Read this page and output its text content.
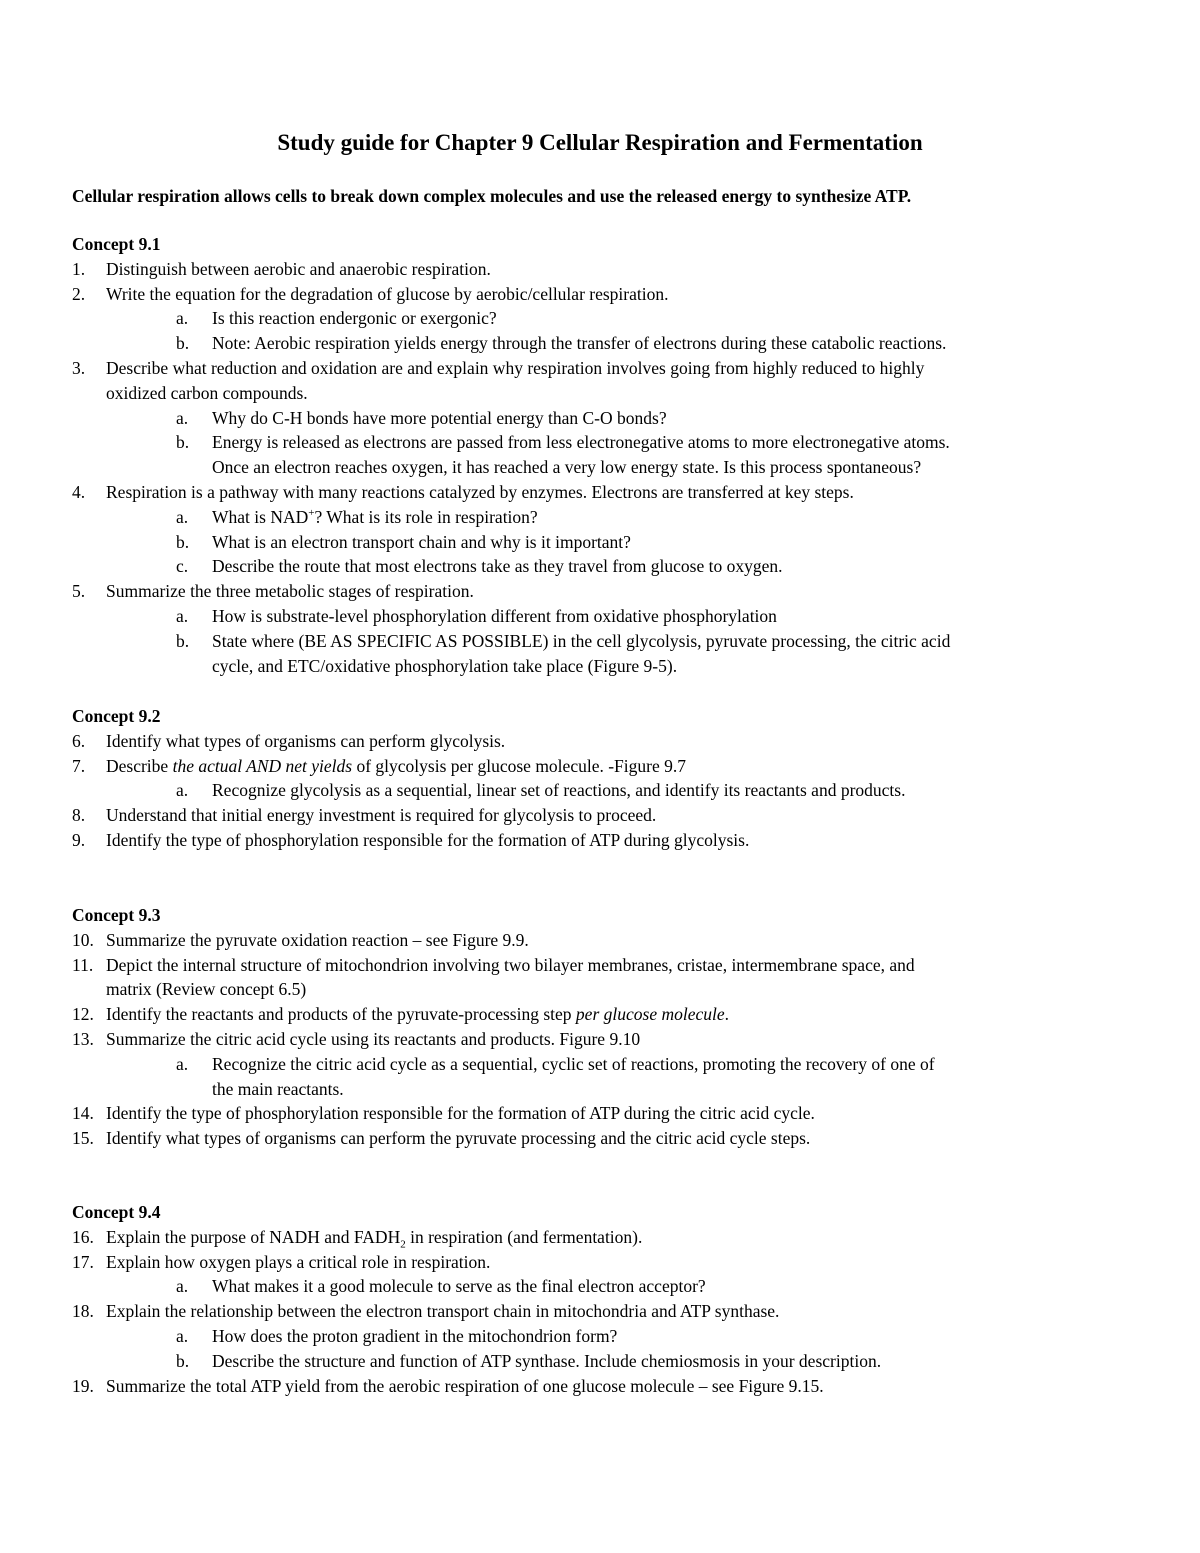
Study guide for Chapter 9 Cellular Respiration and Fermentation
Cellular respiration allows cells to break down complex molecules and use the released energy to synthesize ATP.
Concept 9.1
1.	Distinguish between aerobic and anaerobic respiration.
2.	Write the equation for the degradation of glucose by aerobic/cellular respiration.
a. Is this reaction endergonic or exergonic?
b. Note: Aerobic respiration yields energy through the transfer of electrons during these catabolic reactions.
3.	Describe what reduction and oxidation are and explain why respiration involves going from highly reduced to highly
oxidized carbon compounds.
a. Why do C-H bonds have more potential energy than C-O bonds?
b. Energy is released as electrons are passed from less electronegative atoms to more electronegative atoms.
Once an electron reaches oxygen, it has reached a very low energy state. Is this process spontaneous?
4.	Respiration is a pathway with many reactions catalyzed by enzymes. Electrons are transferred at key steps.
a. What is NAD+? What is its role in respiration?
b. What is an electron transport chain and why is it important?
c. Describe the route that most electrons take as they travel from glucose to oxygen.
5.	Summarize the three metabolic stages of respiration.
a. How is substrate-level phosphorylation different from oxidative phosphorylation
b. State where (BE AS SPECIFIC AS POSSIBLE) in the cell glycolysis, pyruvate processing, the citric acid
cycle, and ETC/oxidative phosphorylation take place (Figure 9-5).
Concept 9.2
6.	Identify what types of organisms can perform glycolysis.
7.	Describe the actual AND net yields of glycolysis per glucose molecule. -Figure 9.7
a. Recognize glycolysis as a sequential, linear set of reactions, and identify its reactants and products.
8.	Understand that initial energy investment is required for glycolysis to proceed.
9.	Identify the type of phosphorylation responsible for the formation of ATP during glycolysis.
Concept 9.3
10. Summarize the pyruvate oxidation reaction – see Figure 9.9.
11. Depict the internal structure of mitochondrion involving two bilayer membranes, cristae, intermembrane space, and
matrix (Review concept 6.5)
12. Identify the reactants and products of the pyruvate-processing step per glucose molecule.
13. Summarize the citric acid cycle using its reactants and products. Figure 9.10
a. Recognize the citric acid cycle as a sequential, cyclic set of reactions, promoting the recovery of one of
the main reactants.
14. Identify the type of phosphorylation responsible for the formation of ATP during the citric acid cycle.
15. Identify what types of organisms can perform the pyruvate processing and the citric acid cycle steps.
Concept 9.4
16. Explain the purpose of NADH and $FADH_2$ in respiration (and fermentation).
17. Explain how oxygen plays a critical role in respiration.
a. What makes it a good molecule to serve as the final electron acceptor?
18. Explain the relationship between the electron transport chain in mitochondria and ATP synthase.
a. How does the proton gradient in the mitochondrion form?
b. Describe the structure and function of ATP synthase. Include chemiosmosis in your description.
19. Summarize the total ATP yield from the aerobic respiration of one glucose molecule – see Figure 9.15.
